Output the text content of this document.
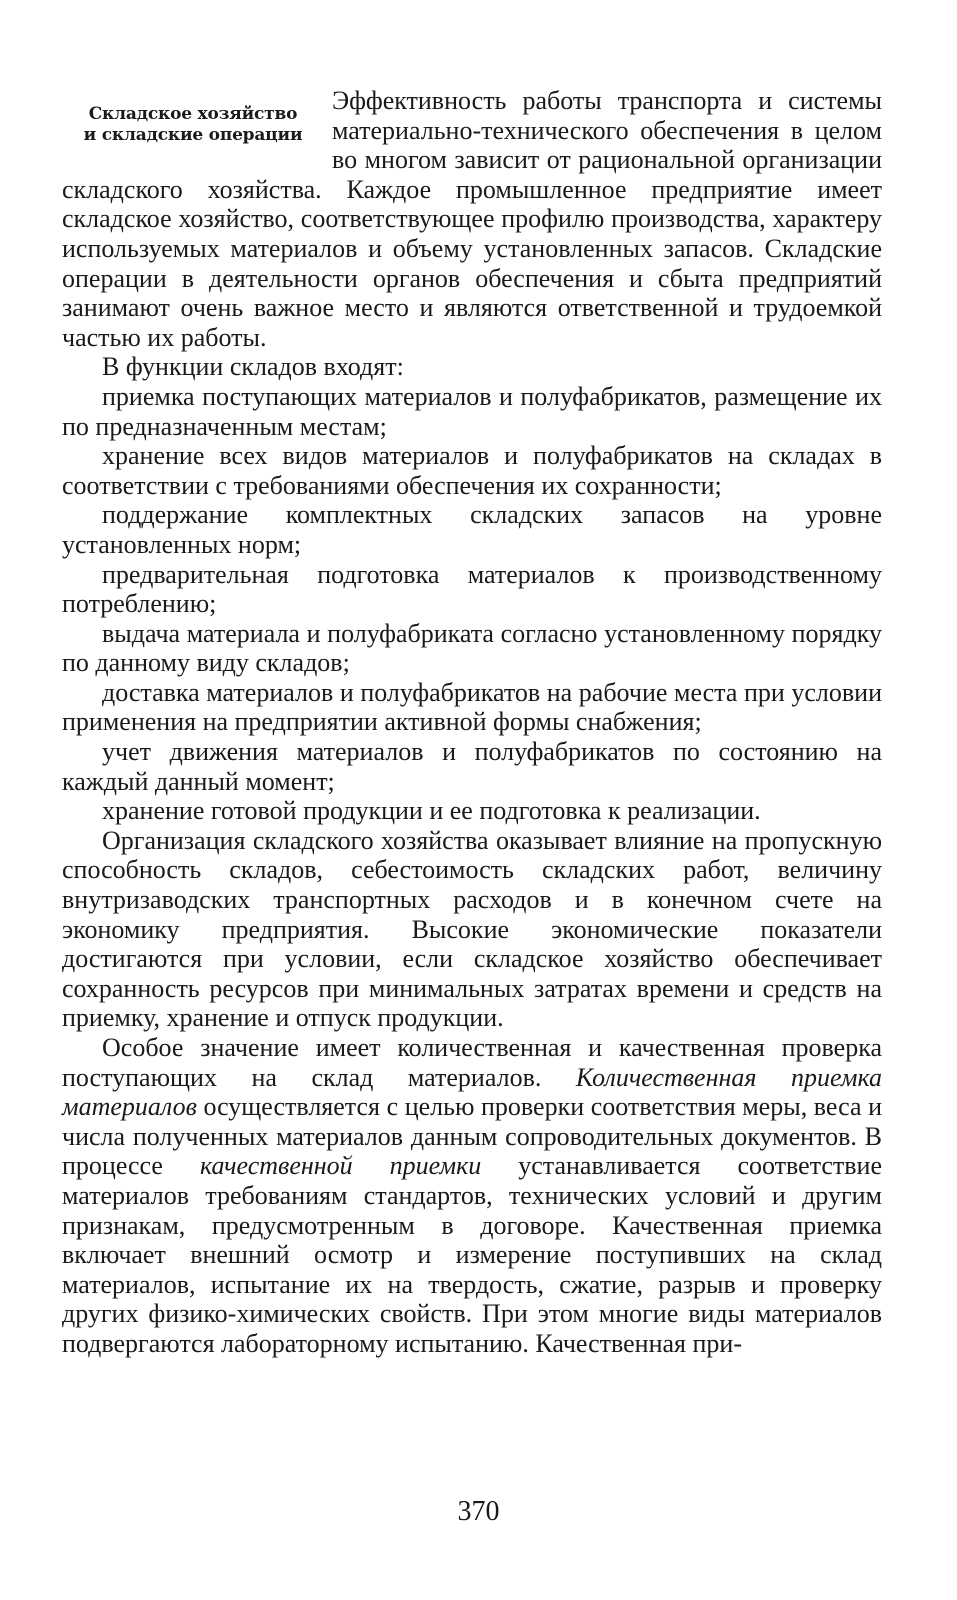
Складское хозяйство
и складские операции

Эффективность работы транспорта и системы материально-технического обеспечения в целом во многом зависит от рациональной организации складского хозяйства. Каждое промышленное предприятие имеет складское хозяйство, соответствующее профилю производства, характеру используемых материалов и объему установленных запасов. Складские операции в деятельности органов обеспечения и сбыта предприятий занимают очень важное место и являются ответственной и трудоемкой частью их работы.

В функции складов входят:

приемка поступающих материалов и полуфабрикатов, размещение их по предназначенным местам;

хранение всех видов материалов и полуфабрикатов на складах в соответствии с требованиями обеспечения их сохранности;

поддержание комплектных складских запасов на уровне установленных норм;

предварительная подготовка материалов к производственному потреблению;

выдача материала и полуфабриката согласно установленному порядку по данному виду складов;

доставка материалов и полуфабрикатов на рабочие места при условии применения на предприятии активной формы снабжения;

учет движения материалов и полуфабрикатов по состоянию на каждый данный момент;

хранение готовой продукции и ее подготовка к реализации.

Организация складского хозяйства оказывает влияние на пропускную способность складов, себестоимость складских работ, величину внутризаводских транспортных расходов и в конечном счете на экономику предприятия. Высокие экономические показатели достигаются при условии, если складское хозяйство обеспечивает сохранность ресурсов при минимальных затратах времени и средств на приемку, хранение и отпуск продукции.

Особое значение имеет количественная и качественная проверка поступающих на склад материалов. Количественная приемка материалов осуществляется с целью проверки соответствия меры, веса и числа полученных материалов данным сопроводительных документов. В процессе качественной приемки устанавливается соответствие материалов требованиям стандартов, технических условий и другим признакам, предусмотренным в договоре. Качественная приемка включает внешний осмотр и измерение поступивших на склад материалов, испытание их на твердость, сжатие, разрыв и проверку других физико-химических свойств. При этом многие виды материалов подвергаются лабораторному испытанию. Качественная при-

370
